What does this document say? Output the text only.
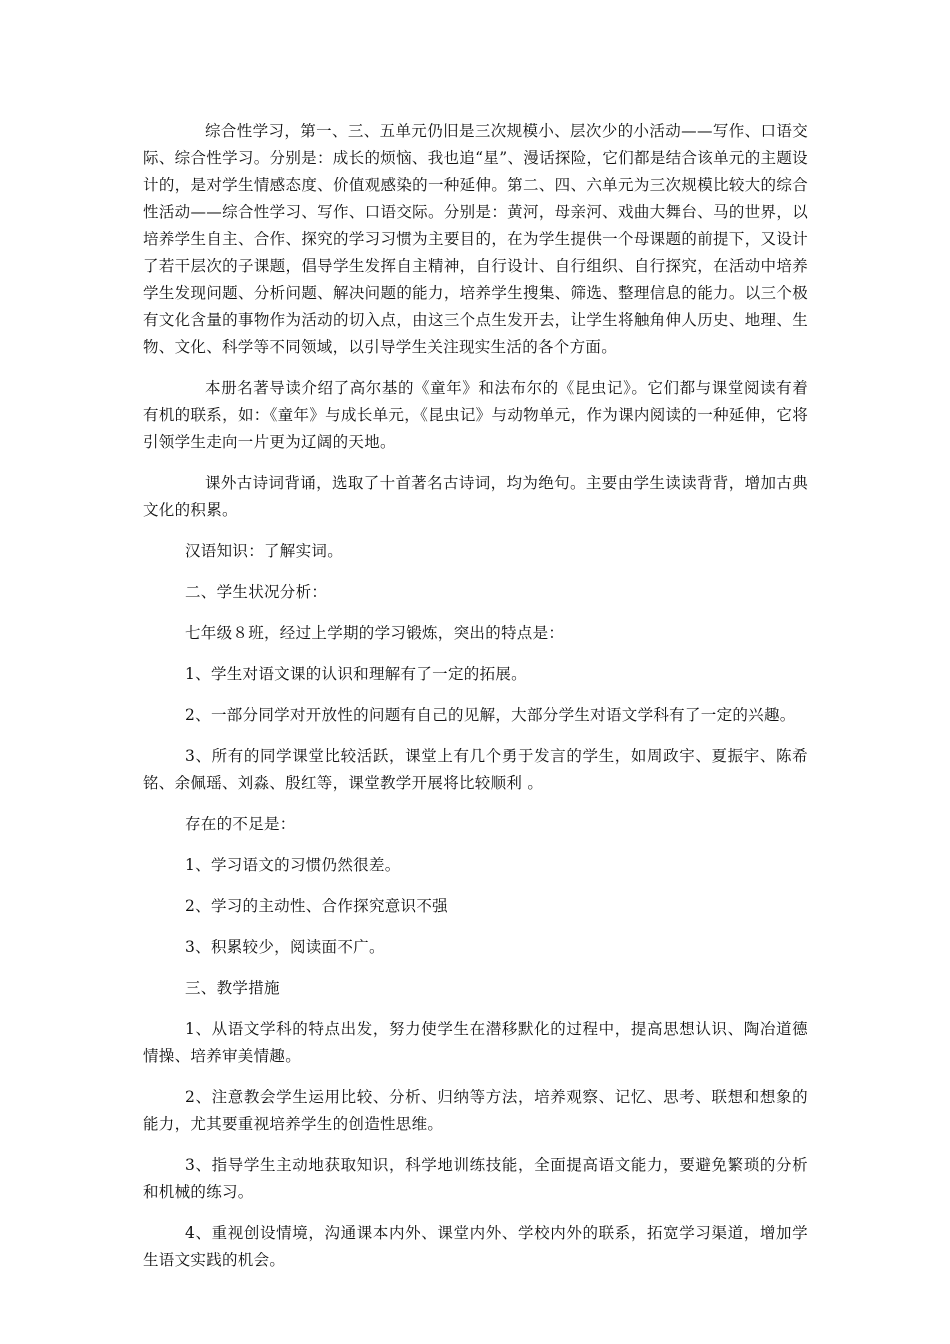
综合性学习，第一、三、五单元仍旧是三次规模小、层次少的小活动——写作、口语交际、综合性学习。分别是：成长的烦恼、我也追“星”、漫话探险，它们都是结合该单元的主题设计的，是对学生情感态度、价值观感染的一种延伸。第二、四、六单元为三次规模比较大的综合性活动——综合性学习、写作、口语交际。分别是：黄河，母亲河、戏曲大舞台、马的世界，以培养学生自主、合作、探究的学习习惯为主要目的，在为学生提供一个母课题的前提下，又设计了若干层次的子课题，倡导学生发挥自主精神，自行设计、自行组织、自行探究，在活动中培养学生发现问题、分析问题、解决问题的能力，培养学生搜集、筛选、整理信息的能力。以三个极有文化含量的事物作为活动的切入点，由这三个点生发开去，让学生将触角伸人历史、地理、生物、文化、科学等不同领域，以引导学生关注现实生活的各个方面。

本册名著导读介绍了高尔基的《童年》和法布尔的《昆虫记》。它们都与课堂阅读有着有机的联系，如：《童年》与成长单元，《昆虫记》与动物单元，作为课内阅读的一种延伸，它将引领学生走向一片更为辽阔的天地。

课外古诗词背诵，选取了十首著名古诗词，均为绝句。主要由学生读读背背，增加古典文化的积累。

汉语知识：了解实词。

二、学生状况分析：

七年级８班，经过上学期的学习锻炼，突出的特点是：

1、学生对语文课的认识和理解有了一定的拓展。

2、一部分同学对开放性的问题有自己的见解，大部分学生对语文学科有了一定的兴趣。

3、所有的同学课堂比较活跃，课堂上有几个勇于发言的学生，如周政宇、夏振宇、陈希铭、余佩瑶、刘淼、殷红等，课堂教学开展将比较顺利 。

存在的不足是：

1、学习语文的习惯仍然很差。

2、学习的主动性、合作探究意识不强

3、积累较少，阅读面不广。

三、教学措施

1、从语文学科的特点出发，努力使学生在潜移默化的过程中，提高思想认识、陶冶道德情操、培养审美情趣。

2、注意教会学生运用比较、分析、归纳等方法，培养观察、记忆、思考、联想和想象的能力，尤其要重视培养学生的创造性思维。

3、指导学生主动地获取知识，科学地训练技能，全面提高语文能力，要避免繁琐的分析和机械的练习。

4、重视创设情境，沟通课本内外、课堂内外、学校内外的联系，拓宽学习渠道，增加学生语文实践的机会。
